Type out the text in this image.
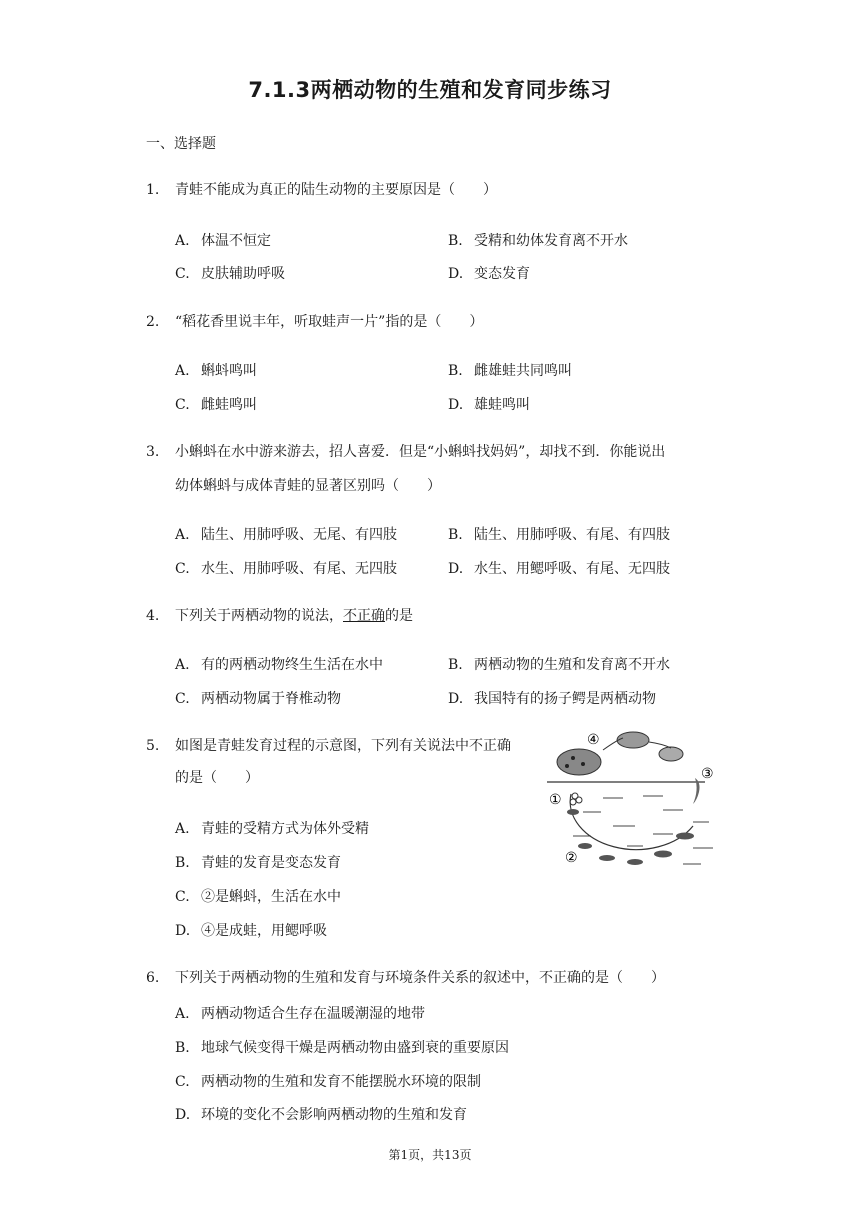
7.1.3两栖动物的生殖和发育同步练习
一、选择题
1. 青蛙不能成为真正的陆生动物的主要原因是（　　）
A. 体温不恒定	B. 受精和幼体发育离不开水
C. 皮肤辅助呼吸	D. 变态发育
2. “稻花香里说丰年，听取蛙声一片”指的是（　　）
A. 蝌蚪鸣叫	B. 雌雄蛙共同鸣叫
C. 雌蛙鸣叫	D. 雄蛙鸣叫
3. 小蝌蚪在水中游来游去，招人喜爱．但是“小蝌蚪找妈妈”，却找不到．你能说出
幼体蝌蚪与成体青蛙的显著区别吗（　　）
A. 陆生、用肺呼吸、无尾、有四肢	B. 陆生、用肺呼吸、有尾、有四肢
C. 水生、用肺呼吸、有尾、无四肢	D. 水生、用鳃呼吸、有尾、无四肢
4. 下列关于两栖动物的说法，不正确的是
A. 有的两栖动物终生生活在水中	B. 两栖动物的生殖和发育离不开水
C. 两栖动物属于脊椎动物	D. 我国特有的扬子鳄是两栖动物
5. 如图是青蛙发育过程的示意图，下列有关说法中不正确
的是（　　）
A. 青蛙的受精方式为体外受精
B. 青蛙的发育是变态发育
C. ②是蝌蚪，生活在水中
D. ④是成蛙，用鳃呼吸
④
③
①
②
6. 下列关于两栖动物的生殖和发育与环境条件关系的叙述中，不正确的是（　　）
A. 两栖动物适合生存在温暖潮湿的地带
B. 地球气候变得干燥是两栖动物由盛到衰的重要原因
C. 两栖动物的生殖和发育不能摆脱水环境的限制
D. 环境的变化不会影响两栖动物的生殖和发育
第1页，共13页
